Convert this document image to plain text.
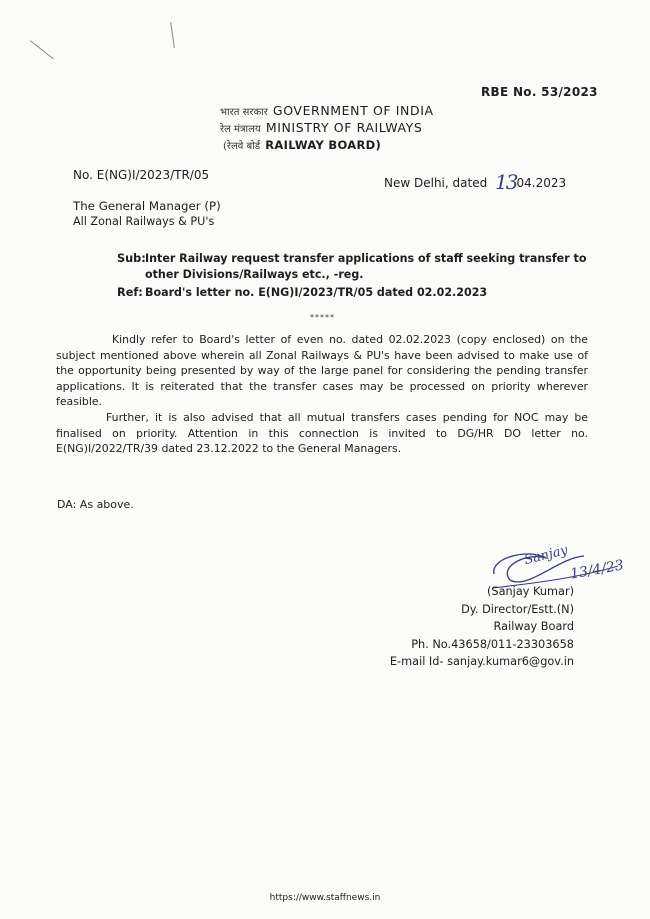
RBE No. 53/2023
भारत सरकार GOVERNMENT OF INDIA
रेल मंत्रालय MINISTRY OF RAILWAYS
(रेलवे बोर्ड RAILWAY BOARD)
No. E(NG)I/2023/TR/05
New Delhi, dated 1304.2023
The General Manager (P)
All Zonal Railways & PU's
Sub: Inter Railway request transfer applications of staff seeking transfer to
other Divisions/Railways etc., -reg.
Ref: Board's letter no. E(NG)I/2023/TR/05 dated 02.02.2023
*****
Kindly refer to Board's letter of even no. dated 02.02.2023 (copy enclosed) on the subject mentioned above wherein all Zonal Railways & PU's have been advised to make use of the opportunity being presented by way of the large panel for considering the pending transfer applications. It is reiterated that the transfer cases may be processed on priority wherever feasible.
Further, it is also advised that all mutual transfers cases pending for NOC may be finalised on priority. Attention in this connection is invited to DG/HR DO letter no. E(NG)I/2022/TR/39 dated 23.12.2022 to the General Managers.
DA: As above.
Sanjay
13/4/23
(Sanjay Kumar)
Dy. Director/Estt.(N)
Railway Board
Ph. No.43658/011-23303658
E-mail Id- sanjay.kumar6@gov.in
https://www.staffnews.in
